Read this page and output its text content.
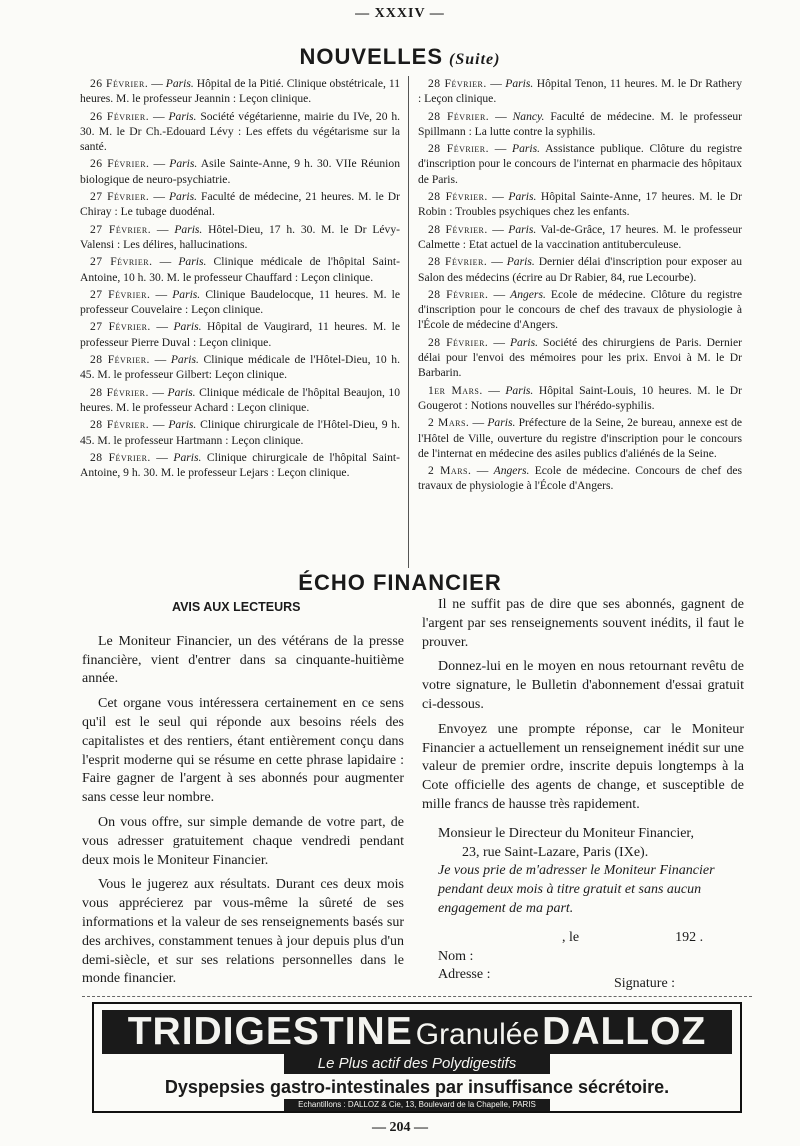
— XXXIV —
NOUVELLES (Suite)

26 Février. — Paris. Hôpital de la Pitié. Clinique obstétricale, 11 heures. M. le professeur Jeannin : Leçon clinique.

26 Février. — Paris. Société végétarienne, mairie du IVe, 20 h. 30. M. le Dr Ch.-Edouard Lévy : Les effets du végétarisme sur la santé.

26 Février. — Paris. Asile Sainte-Anne, 9 h. 30. VIIe Réunion biologique de neuro-psychiatrie.

27 Février. — Paris. Faculté de médecine, 21 heures. M. le Dr Chiray : Le tubage duodénal.

27 Février. — Paris. Hôtel-Dieu, 17 h. 30. M. le Dr Lévy-Valensi : Les délires, hallucinations.

27 Février. — Paris. Clinique médicale de l'hôpital Saint-Antoine, 10 h. 30. M. le professeur Chauffard : Leçon clinique.

27 Février. — Paris. Clinique Baudelocque, 11 heures. M. le professeur Couvelaire : Leçon clinique.

27 Février. — Paris. Hôpital de Vaugirard, 11 heures. M. le professeur Pierre Duval : Leçon clinique.

28 Février. — Paris. Clinique médicale de l'Hôtel-Dieu, 10 h. 45. M. le professeur Gilbert: Leçon clinique.

28 Février. — Paris. Clinique médicale de l'hôpital Beaujon, 10 heures. M. le professeur Achard : Leçon clinique.

28 Février. — Paris. Clinique chirurgicale de l'Hôtel-Dieu, 9 h. 45. M. le professeur Hartmann : Leçon clinique.

28 Février. — Paris. Clinique chirurgicale de l'hôpital Saint-Antoine, 9 h. 30. M. le professeur Lejars : Leçon clinique.

28 Février. — Paris. Hôpital Tenon, 11 heures. M. le Dr Rathery : Leçon clinique.

28 Février. — Nancy. Faculté de médecine. M. le professeur Spillmann : La lutte contre la syphilis.

28 Février. — Paris. Assistance publique. Clôture du registre d'inscription pour le concours de l'internat en pharmacie des hôpitaux de Paris.

28 Février. — Paris. Hôpital Sainte-Anne, 17 heures. M. le Dr Robin : Troubles psychiques chez les enfants.

28 Février. — Paris. Val-de-Grâce, 17 heures. M. le professeur Calmette : Etat actuel de la vaccination antituberculeuse.

28 Février. — Paris. Dernier délai d'inscription pour exposer au Salon des médecins (écrire au Dr Rabier, 84, rue Lecourbe).

28 Février. — Angers. Ecole de médecine. Clôture du registre d'inscription pour le concours de chef des travaux de physiologie à l'École de médecine d'Angers.

28 Février. — Paris. Société des chirurgiens de Paris. Dernier délai pour l'envoi des mémoires pour les prix. Envoi à M. le Dr Barbarin.

1er Mars. — Paris. Hôpital Saint-Louis, 10 heures. M. le Dr Gougerot : Notions nouvelles sur l'hérédo-syphilis.

2 Mars. — Paris. Préfecture de la Seine, 2e bureau, annexe est de l'Hôtel de Ville, ouverture du registre d'inscription pour le concours de l'internat en médecine des asiles publics d'aliénés de la Seine.

2 Mars. — Angers. Ecole de médecine. Concours de chef des travaux de physiologie à l'École d'Angers.

ÉCHO FINANCIER
AVIS AUX LECTEURS

Le Moniteur Financier, un des vétérans de la presse financière, vient d'entrer dans sa cinquante-huitième année.

Cet organe vous intéressera certainement en ce sens qu'il est le seul qui réponde aux besoins réels des capitalistes et des rentiers, étant entièrement conçu dans l'esprit moderne qui se résume en cette phrase lapidaire : Faire gagner de l'argent à ses abonnés pour augmenter sans cesse leur nombre.

On vous offre, sur simple demande de votre part, de vous adresser gratuitement chaque vendredi pendant deux mois le Moniteur Financier.

Vous le jugerez aux résultats. Durant ces deux mois vous apprécierez par vous-même la sûreté de ses informations et la valeur de ses renseignements basés sur des archives, constamment tenues à jour depuis plus d'un demi-siècle, et sur ses relations personnelles dans le monde financier.

Il ne suffit pas de dire que ses abonnés, gagnent de l'argent par ses renseignements souvent inédits, il faut le prouver.

Donnez-lui en le moyen en nous retournant revêtu de votre signature, le Bulletin d'abonnement d'essai gratuit ci-dessous.

Envoyez une prompte réponse, car le Moniteur Financier a actuellement un renseignement inédit sur une valeur de premier ordre, inscrite depuis longtemps à la Cote officielle des agents de change, et susceptible de mille francs de hausse très rapidement.

Monsieur le Directeur du Moniteur Financier,
23, rue Saint-Lazare, Paris (IXe).
Je vous prie de m'adresser le Moniteur Financier pendant deux mois à titre gratuit et sans aucun engagement de ma part.
, le	192 .
Nom :
Adresse :
Signature :
TRIDIGESTINE GranuléeDALLOZ
Le Plus actif des Polydigestifs
Dyspepsies gastro-intestinales par insuffisance sécrétoire.
Echantillons : DALLOZ & Cie, 13, Boulevard de la Chapelle, PARIS
— 204 —
